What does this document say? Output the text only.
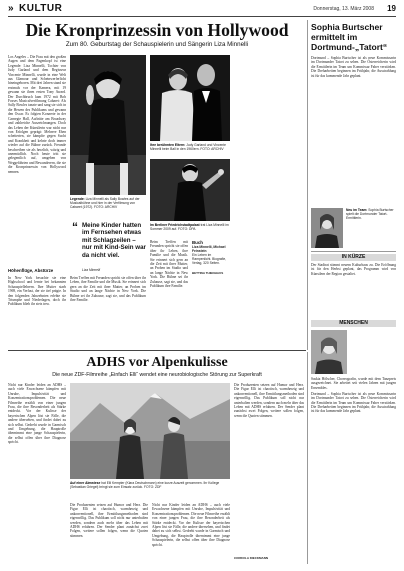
» KULTUR	Donnerstag, 13. März 2008 19
Die Kronprinzessin von Hollywood
Zum 80. Geburtstag der Schauspielerin und Sängerin Liza Minnelli

Los Angeles – Die Frau mit den großen Augen und dem Pagenkopf ist eine Legende: Liza Minnelli, Tochter von Judy Garland und dem Regisseur Vincente Minnelli, wurde in eine Welt aus Glamour und Scheinwerferlicht hineingeboren. Mit drei Jahren stand sie erstmals vor der Kamera, mit 19 gewann sie ihren ersten Tony Award. Der Durchbruch kam 1972 mit Bob Fosses Musicalverfilmung Cabaret: Als Sally Bowles tanzte und sang sie sich in die Herzen des Publikums und gewann den Oscar. Es folgten Konzerte in der Carnegie Hall, Auftritte am Broadway und zahlreiche Auszeichnungen. Doch das Leben der Künstlerin war nicht nur von Erfolgen geprägt: Mehrere Ehen scheiterten, sie kämpfte gegen Sucht und Krankheit und kehrte doch immer wieder auf die Bühne zurück. Freunde beschreiben sie als herzlich, witzig und unermüdlich. Noch heute tritt sie gelegentlich auf, umgeben von Weggefährten und Bewunderern, die sie die Kronprinzessin von Hollywood nennen.

Höhenflüge, Abstürze

In New York besuchte sie eine Highschool und lernte bei bekannten Schauspiellehrern. Ihre Mutter starb 1969, ein Verlust, der sie tief prägte. In den folgenden Jahrzehnten erlebte sie Triumphe und Niederlagen, doch ihr Publikum blieb ihr stets treu.

Legende: Liza Minnelli als Sally Bowles auf der Musicalbühne und hier in der Verfilmung von Cabaret (1972). FOTO: ARCHIV
Ihre berühmten Eltern: Judy Garland und Vincente Minnelli beim Ball in den 1960ern. FOTO: ARCHIV
Im Berliner Friedrichstadtpalast trat Liza Minnelli im Sommer 2009 auf. FOTO: DPA
“ Meine Kinder hatten im Fernsehen etwas mit Schlagzeilen – nur mit Kind-Sein war da nicht viel.
Liza Minnelli

Beim Treffen mit Freunden spricht sie offen über ihr Leben, ihre Familie und die Musik. Sie erinnert sich gern an die Zeit mit ihrer Mutter, an Proben im Studio und an lange Nächte in New York. Die Bühne sei ihr Zuhause, sagt sie, und das Publikum ihre Familie.

Beim Treffen mit Freunden spricht sie offen über ihr Leben, ihre Familie und die Musik. Sie erinnert sich gern an die Zeit mit ihrer Mutter, an Proben im Studio und an lange Nächte in New York. Die Bühne sei ihr Zuhause, sagt sie, und das Publikum ihre Familie.

Buch
Liza Minnelli, Michael Feinstein
Ein Leben im Rampenlicht. Biografie, Verlag, 320 Seiten.
BETTINA THIENHAUS
Sophia Burtscher ermittelt im Dortmund-„Tatort“

Dortmund – Sophia Burtscher ist als neue Kommissarin im Dortmunder Tatort zu sehen. Die Österreicherin wird die Ermittlerin im Team um Kommissar Faber verstärken. Die Dreharbeiten beginnen im Frühjahr, die Ausstrahlung ist für das kommende Jahr geplant.

Neu im Team: Sophia Burtscher spielt die Dortmunder Tatort-Ermittlerin.
IN KÜRZE

Der Stadtrat stimmt neuem Kulturhaus zu. Die Eröffnung ist für den Herbst geplant, das Programm wird von Künstlern der Region gestaltet.

MENSCHEN
ADHS vor Alpenkulisse
Die neue ZDF-Filmreihe „Einfach Elli“ wendet eine neurobiologische Störung zur Superkraft

Nicht nur Kinder leiden an ADHS – auch viele Erwachsene kämpfen mit Unruhe, Impulsivität und Konzentrationsproblemen. Die neue Filmreihe erzählt von einer jungen Frau, die ihre Besonderheit als Stärke entdeckt. Vor der Kulisse der bayerischen Alpen löst sie Fälle, die andere übersehen, und findet dabei zu sich selbst. Gedreht wurde in Garmisch und Umgebung, die Hauptrolle übernimmt eine junge Schauspielerin, die selbst offen über ihre Diagnose spricht.

Auf einer Almwiese hat Elli Kempter (Klara Deutschmann) eine kurze Auszeit genommen. Ihr Kollege (Sebastian Griegel) bringt sie zum Einsatz zurück. FOTO: ZDF

Die Produzenten setzen auf Humor und Herz. Die Figur Elli ist chaotisch, warmherzig und unkonventionell, ihre Ermittlungsmethoden sind eigenwillig. Das Publikum soll nicht nur unterhalten werden, sondern auch mehr über das Leben mit ADHS erfahren. Der Sender plant zunächst zwei Folgen, weitere sollen folgen, wenn die Quoten stimmen.

Nicht nur Kinder leiden an ADHS – auch viele Erwachsene kämpfen mit Unruhe, Impulsivität und Konzentrationsproblemen. Die neue Filmreihe erzählt von einer jungen Frau, die ihre Besonderheit als Stärke entdeckt. Vor der Kulisse der bayerischen Alpen löst sie Fälle, die andere übersehen, und findet dabei zu sich selbst. Gedreht wurde in Garmisch und Umgebung, die Hauptrolle übernimmt eine junge Schauspielerin, die selbst offen über ihre Diagnose spricht.

Die Produzenten setzen auf Humor und Herz. Die Figur Elli ist chaotisch, warmherzig und unkonventionell, ihre Ermittlungsmethoden sind eigenwillig. Das Publikum soll nicht nur unterhalten werden, sondern auch mehr über das Leben mit ADHS erfahren. Der Sender plant zunächst zwei Folgen, weitere sollen folgen, wenn die Quoten stimmen.

CORDULA DIECKMANN

Saskia Hölscher, Choreografin, wurde mit dem Tanzpreis ausgezeichnet. Sie arbeitet seit vielen Jahren mit jungen Ensembles.

Dortmund – Sophia Burtscher ist als neue Kommissarin im Dortmunder Tatort zu sehen. Die Österreicherin wird die Ermittlerin im Team um Kommissar Faber verstärken. Die Dreharbeiten beginnen im Frühjahr, die Ausstrahlung ist für das kommende Jahr geplant.
